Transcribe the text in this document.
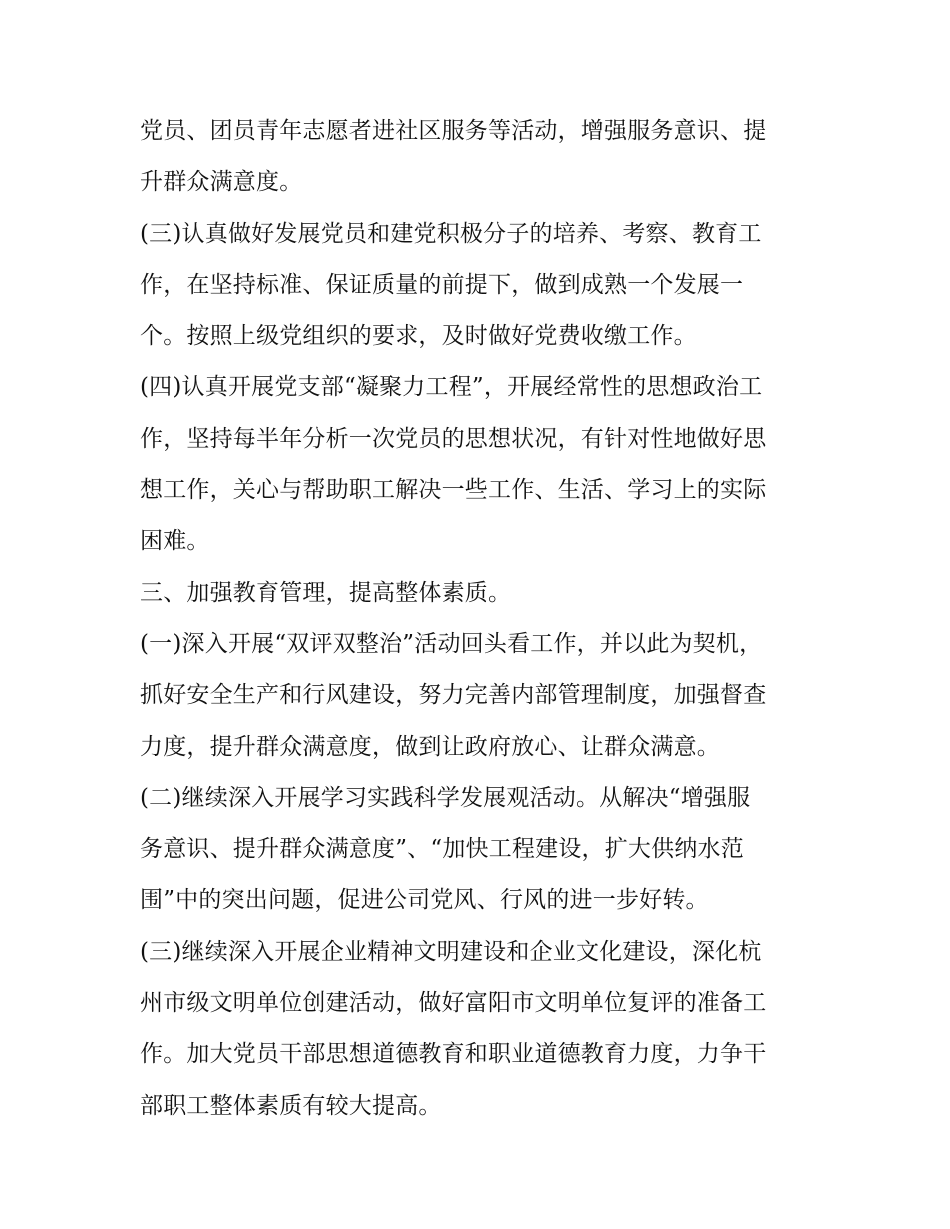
党员、团员青年志愿者进社区服务等活动，增强服务意识、提
升群众满意度。
(三)认真做好发展党员和建党积极分子的培养、考察、教育工
作，在坚持标准、保证质量的前提下，做到成熟一个发展一
个。按照上级党组织的要求，及时做好党费收缴工作。
(四)认真开展党支部“凝聚力工程”，开展经常性的思想政治工
作，坚持每半年分析一次党员的思想状况，有针对性地做好思
想工作，关心与帮助职工解决一些工作、生活、学习上的实际
困难。
三、加强教育管理，提高整体素质。
(一)深入开展“双评双整治”活动回头看工作，并以此为契机，
抓好安全生产和行风建设，努力完善内部管理制度，加强督查
力度，提升群众满意度，做到让政府放心、让群众满意。
(二)继续深入开展学习实践科学发展观活动。从解决“增强服
务意识、提升群众满意度”、“加快工程建设，扩大供纳水范
围”中的突出问题，促进公司党风、行风的进一步好转。
(三)继续深入开展企业精神文明建设和企业文化建设，深化杭
州市级文明单位创建活动，做好富阳市文明单位复评的准备工
作。加大党员干部思想道德教育和职业道德教育力度，力争干
部职工整体素质有较大提高。
